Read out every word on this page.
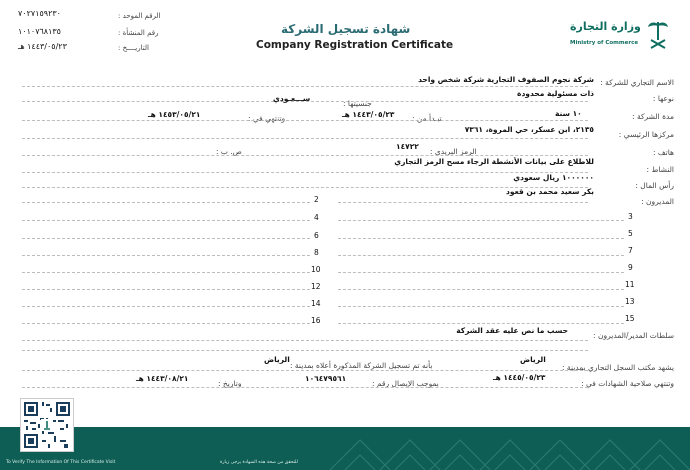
٧٠٢٧١٥٩٢٣٠	الرقم الموحد :
١٠١٠٧٦٨١٣٥	رقم المنشأة :
١٤٤٣/٠٥/٢٣ هـ	التاريــــخ :
شهادة تسجيل الشركة
Company Registration Certificate
وزارة التجارة
Ministry of Commerce
الاسم التجاري للشركة :
شركة نجوم الصفوف التجارية شركة شخص واحد
نوعها :
ذات مسئولية محدودة
جنسيتها :
ســـعـودي
مدة الشركة :
١٠ سنة
تبـدأ من :
١٤٤٣/٠٥/٢٣ هـ
وتنتهي في :
١٤٥٣/٠٥/٢١ هـ
مركزها الرئيسي :
٢١٣٥، ابن عسكر، حي المروة، ٧٣٦١
هاتف :
الرمز البريدي :
١٤٧٢٢
ص. ب :
النشاط :
للاطلاع على بيانات الأنشطة الرجاء مسح الرمز التجاري
رأس المال :
١٠٠٠٠٠٠ ريال سعودي
المديرون :
بكر سعيد محمد بن قعود
2
4
6
8
10
12
14
16
3
5
7
9
11
13
15
سلطات المدير/المديرون :
حسب ما نص عليه عقد الشركة
يشهد مكتب السجل التجاري بمدينة :
الرياض
بأنه تم تسجيل الشركة المذكورة أعلاه بمدينة :
الرياض
وتنتهي صلاحية الشهادات في :
١٤٤٥/٠٥/٢٣ هـ
بموجب الإيصال رقم :
١٠٦٤٧٩٥٦١
وتاريخ :
١٤٤٣/٠٨/٢١ هـ
To Verify The Information Of This Certificate Visit	للتحقق من صحة هذه الشهادة يرجى زيارة
